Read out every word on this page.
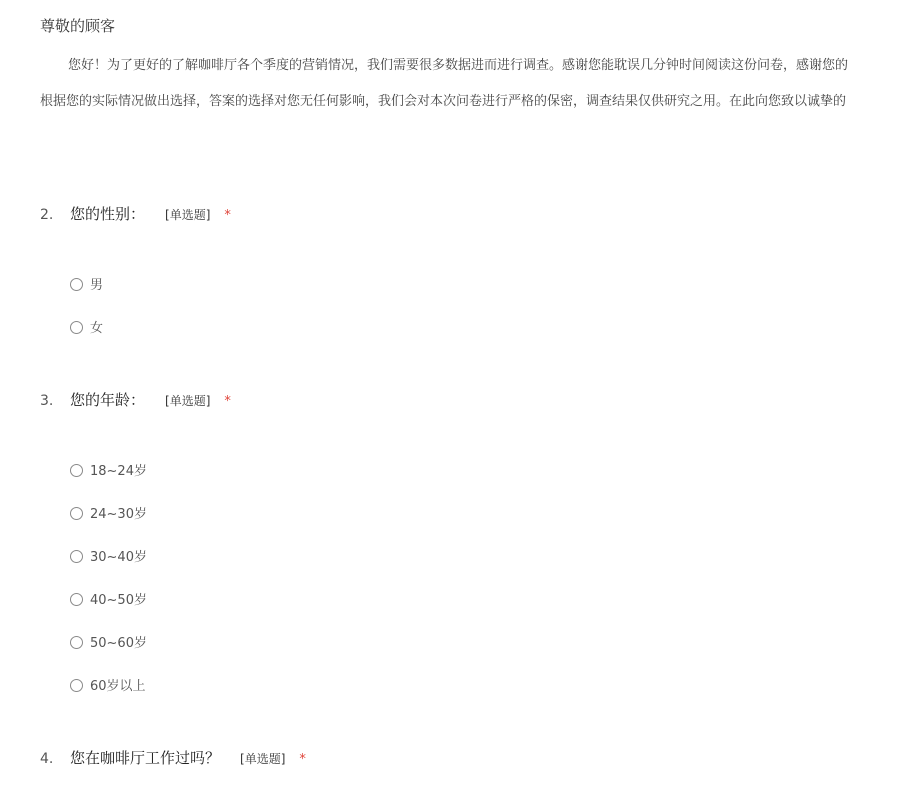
尊敬的顾客
您好！为了更好的了解咖啡厅各个季度的营销情况，我们需要很多数据进而进行调查。感谢您能耽误几分钟时间阅读这份问卷，感谢您的
根据您的实际情况做出选择，答案的选择对您无任何影响，我们会对本次问卷进行严格的保密，调查结果仅供研究之用。在此向您致以诚挚的
2. 您的性别： [单选题] *
男
女
3. 您的年龄： [单选题] *
18~24岁
24~30岁
30~40岁
40~50岁
50~60岁
60岁以上
4. 您在咖啡厅工作过吗？ [单选题] *
